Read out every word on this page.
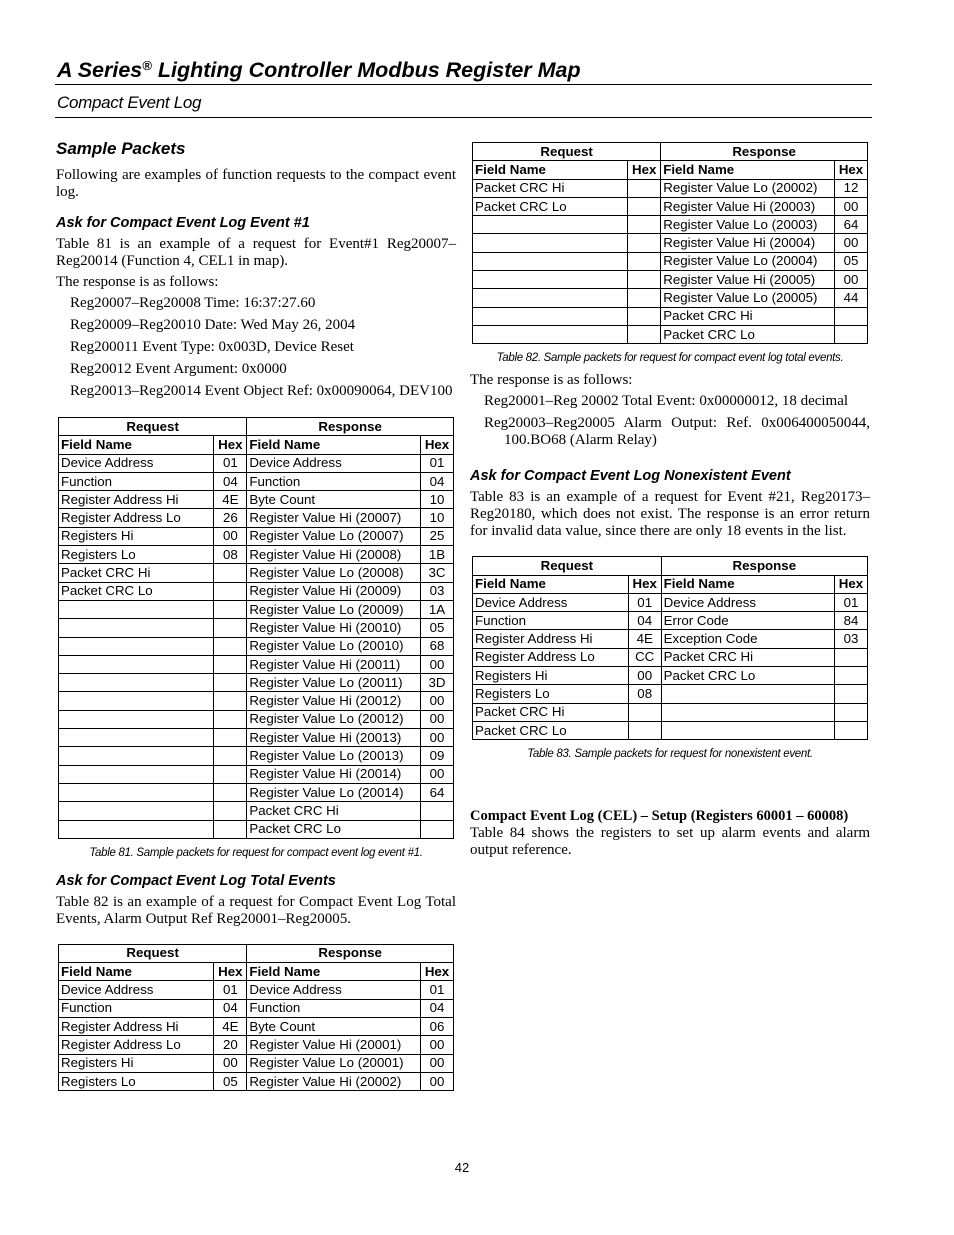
A Series® Lighting Controller Modbus Register Map
Compact Event Log
Sample Packets

Following are examples of function requests to the compact event log.

Ask for Compact Event Log Event #1

Table 81 is an example of a request for Event#1 Reg20007–Reg20014 (Function 4, CEL1 in map).

The response is as follows:

Reg20007–Reg20008 Time: 16:37:27.60

Reg20009–Reg20010 Date: Wed May 26, 2004

Reg200011 Event Type: 0x003D, Device Reset

Reg20012 Event Argument: 0x0000

Reg20013–Reg20014 Event Object Ref: 0x00090064, DEV100

Request		Response	
Field Name	Hex	Field Name	Hex
Device Address	01	Device Address	01
Function	04	Function	04
Register Address Hi	4E	Byte Count	10
Register Address Lo	26	Register Value Hi (20007)	10
Registers Hi	00	Register Value Lo (20007)	25
Registers Lo	08	Register Value Hi (20008)	1B
Packet CRC Hi		Register Value Lo (20008)	3C
Packet CRC Lo		Register Value Hi (20009)	03
		Register Value Lo (20009)	1A
		Register Value Hi (20010)	05
		Register Value Lo (20010)	68
		Register Value Hi (20011)	00
		Register Value Lo (20011)	3D
		Register Value Hi (20012)	00
		Register Value Lo (20012)	00
		Register Value Hi (20013)	00
		Register Value Lo (20013)	09
		Register Value Hi (20014)	00
		Register Value Lo (20014)	64
		Packet CRC Hi	
		Packet CRC Lo	

Table 81. Sample packets for request for compact event log event #1.

Ask for Compact Event Log Total Events

Table 82 is an example of a request for Compact Event Log Total Events, Alarm Output Ref Reg20001–Reg20005.

Request		Response	
Field Name	Hex	Field Name	Hex
Device Address	01	Device Address	01
Function	04	Function	04
Register Address Hi	4E	Byte Count	06
Register Address Lo	20	Register Value Hi (20001)	00
Registers Hi	00	Register Value Lo (20001)	00
Registers Lo	05	Register Value Hi (20002)	00
Request		Response	
Field Name	Hex	Field Name	Hex
Packet CRC Hi		Register Value Lo (20002)	12
Packet CRC Lo		Register Value Hi (20003)	00
		Register Value Lo (20003)	64
		Register Value Hi (20004)	00
		Register Value Lo (20004)	05
		Register Value Hi (20005)	00
		Register Value Lo (20005)	44
		Packet CRC Hi	
		Packet CRC Lo	

Table 82. Sample packets for request for compact event log total events.

The response is as follows:

Reg20001–Reg 20002 Total Event: 0x00000012, 18 decimal

Reg20003–Reg20005 Alarm Output: Ref. 0x006400050044, 100.BO68 (Alarm Relay)

Ask for Compact Event Log Nonexistent Event

Table 83 is an example of a request for Event #21, Reg20173–Reg20180, which does not exist. The response is an error return for invalid data value, since there are only 18 events in the list.

Request		Response	
Field Name	Hex	Field Name	Hex
Device Address	01	Device Address	01
Function	04	Error Code	84
Register Address Hi	4E	Exception Code	03
Register Address Lo	CC	Packet CRC Hi	
Registers Hi	00	Packet CRC Lo	
Registers Lo	08		
Packet CRC Hi			
Packet CRC Lo			

Table 83. Sample packets for request for nonexistent event.

Compact Event Log (CEL) – Setup (Registers 60001 – 60008)

Table 84 shows the registers to set up alarm events and alarm output reference.

42
